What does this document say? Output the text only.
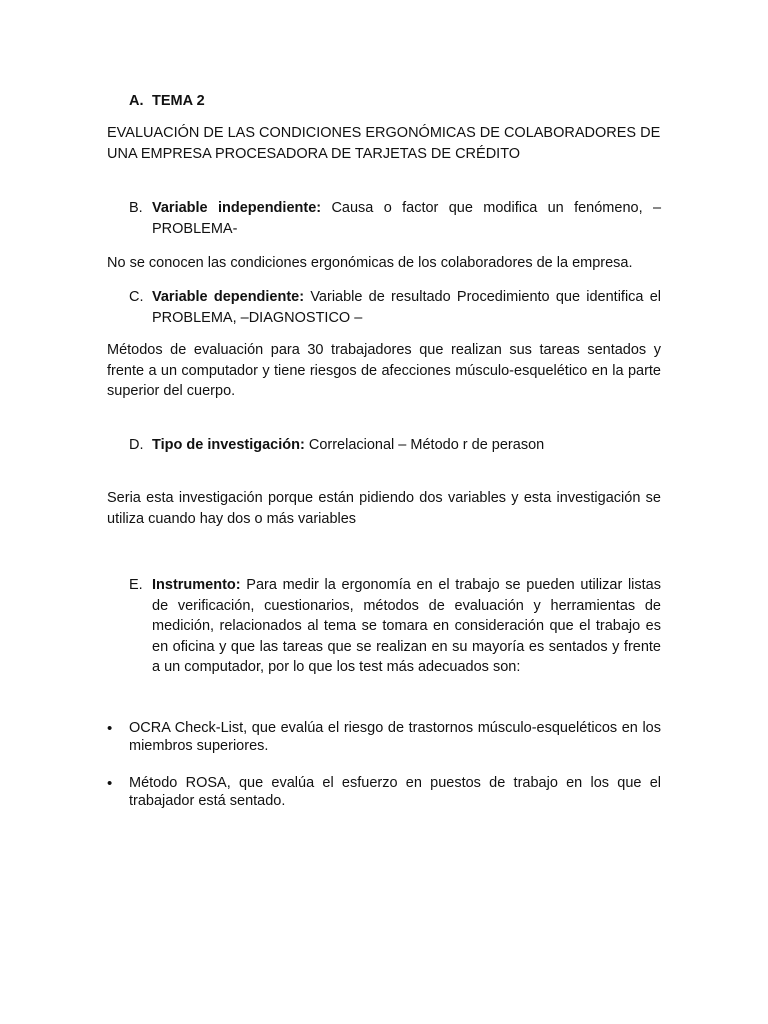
A. TEMA 2

EVALUACIÓN DE LAS CONDICIONES ERGONÓMICAS DE COLABORADORES DE UNA EMPRESA PROCESADORA DE TARJETAS DE CRÉDITO

B. Variable independiente: Causa o factor que modifica un fenómeno, –PROBLEMA-

No se conocen las condiciones ergonómicas de los colaboradores de la empresa.

C. Variable dependiente: Variable de resultado Procedimiento que identifica el PROBLEMA, –DIAGNOSTICO –

Métodos de evaluación para 30 trabajadores que realizan sus tareas sentados y frente a un computador y tiene riesgos de afecciones músculo-esquelético en la parte superior del cuerpo.

D. Tipo de investigación: Correlacional – Método r de perason

Seria esta investigación porque están pidiendo dos variables y esta investigación se utiliza cuando hay dos o más variables

E. Instrumento: Para medir la ergonomía en el trabajo se pueden utilizar listas de verificación, cuestionarios, métodos de evaluación y herramientas de medición, relacionados al tema se tomara en consideración que el trabajo es en oficina y que las tareas que se realizan en su mayoría es sentados y frente a un computador, por lo que los test más adecuados son:

•	OCRA Check-List, que evalúa el riesgo de trastornos músculo-esqueléticos en los miembros superiores.
•	Método ROSA, que evalúa el esfuerzo en puestos de trabajo en los que el trabajador está sentado.
